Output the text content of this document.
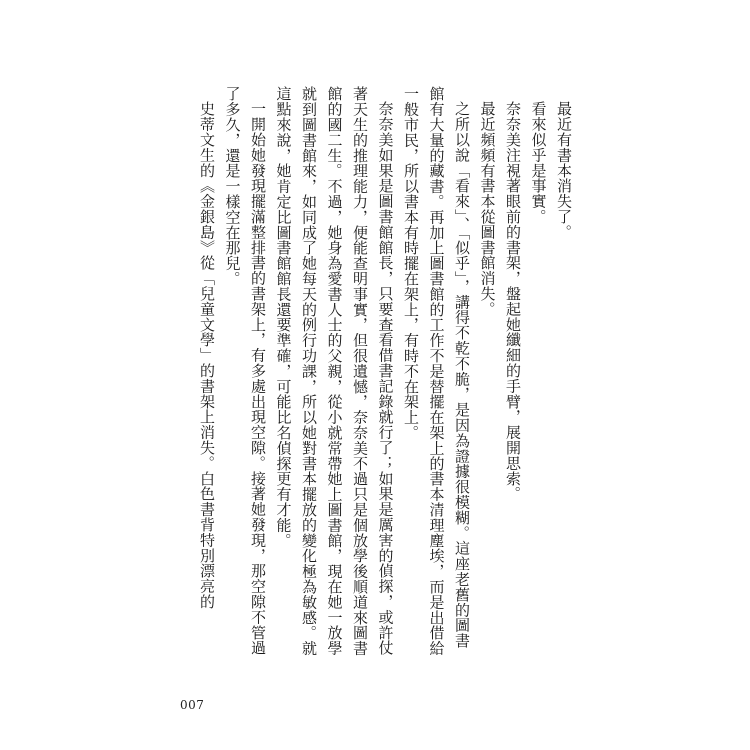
最近有書本消失了。

看來似乎是事實。

奈奈美注視著眼前的書架，盤起她纖細的手臂，展開思索。

最近頻頻有書本從圖書館消失。

之所以說「看來」、「似乎」，講得不乾不脆，是因為證據很模糊。這座老舊的圖書館有大量的藏書。再加上圖書館的工作不是替擺在架上的書本清理塵埃，而是出借給一般市民，所以書本有時擺在架上，有時不在架上。

奈奈美如果是圖書館館長，只要查看借書記錄就行了；如果是厲害的偵探，或許仗著天生的推理能力，便能查明事實，但很遺憾，奈奈美不過只是個放學後順道來圖書館的國二生。不過，她身為愛書人士的父親，從小就常帶她上圖書館，現在她一放學就到圖書館來，如同成了她每天的例行功課，所以她對書本擺放的變化極為敏感。就這點來說，她肯定比圖書館館長還要準確，可能比名偵探更有才能。

一開始她發現擺滿整排書的書架上，有多處出現空隙。接著她發現，那空隙不管過了多久，還是一樣空在那兒。

史蒂文生的《金銀島》從「兒童文學」的書架上消失。白色書背特別漂亮的

007
